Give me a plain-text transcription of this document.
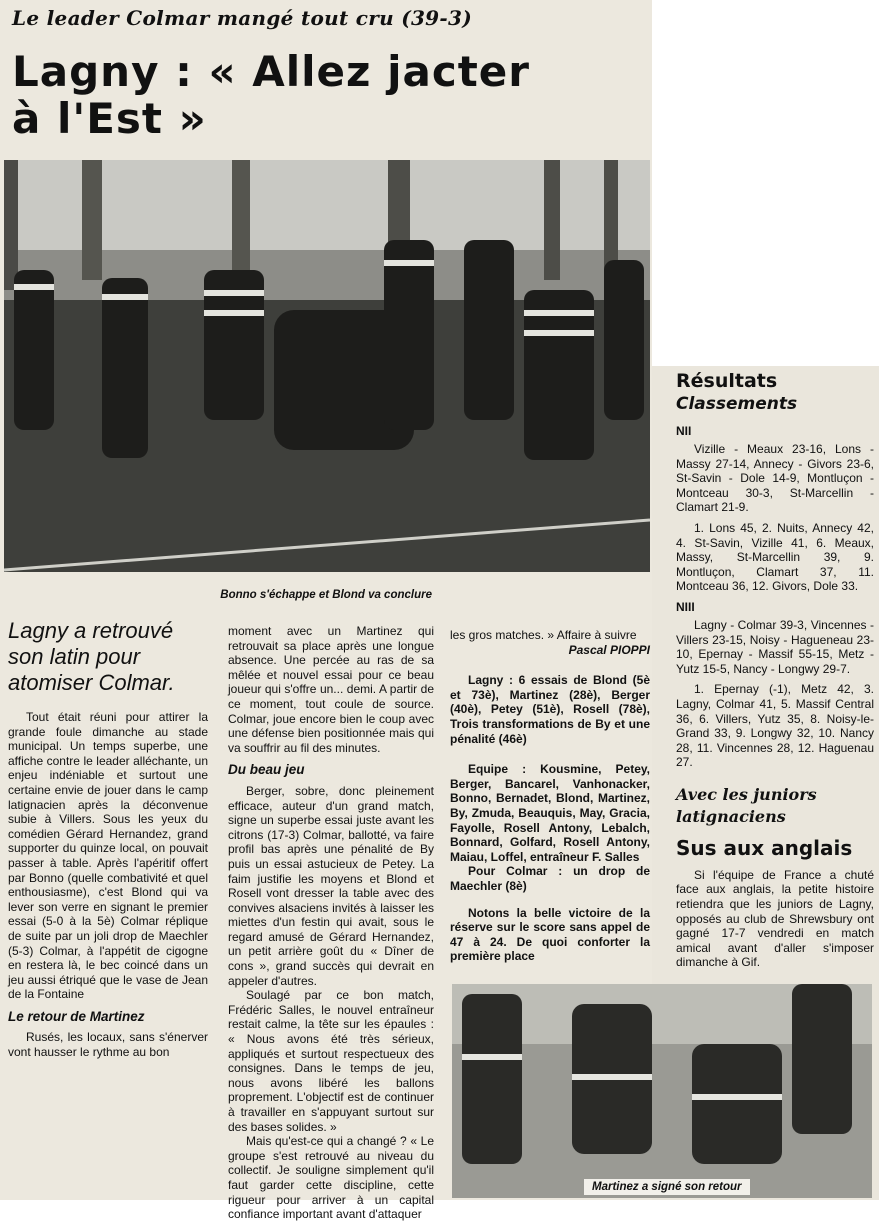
Le leader Colmar mangé tout cru (39-3)
Lagny : « Allez jacter
à l'Est »
Bonno s'échappe et Blond va conclure
Lagny a retrouvé son latin pour atomiser Colmar.

Tout était réuni pour attirer la grande foule dimanche au stade municipal. Un temps superbe, une affiche contre le leader alléchante, un enjeu indéniable et surtout une certaine envie de jouer dans le camp latignacien après la déconvenue subie à Villers. Sous les yeux du comédien Gérard Hernandez, grand supporter du quinze local, on pouvait passer à table. Après l'apéritif offert par Bonno (quelle combativité et quel enthousiasme), c'est Blond qui va lever son verre en signant le premier essai (5-0 à la 5è) Colmar réplique de suite par un joli drop de Maechler (5-3) Colmar, à l'appétit de cigogne en restera là, le bec coincé dans un jeu aussi étriqué que le vase de Jean de la Fontaine

Le retour de Martinez

Rusés, les locaux, sans s'énerver vont hausser le rythme au bon

moment avec un Martinez qui retrouvait sa place après une longue absence. Une percée au ras de sa mêlée et nouvel essai pour ce beau joueur qui s'offre un... demi. A partir de ce moment, tout coule de source. Colmar, joue encore bien le coup avec une défense bien positionnée mais qui va souffrir au fil des minutes.

Du beau jeu

Berger, sobre, donc pleinement efficace, auteur d'un grand match, signe un superbe essai juste avant les citrons (17-3) Colmar, ballotté, va faire profil bas après une pénalité de By puis un essai astucieux de Petey. La faim justifie les moyens et Blond et Rosell vont dresser la table avec des convives alsaciens invités à laisser les miettes d'un festin qui avait, sous le regard amusé de Gérard Hernandez, un petit arrière goût du « Dîner de cons », grand succès qui devrait en appeler d'autres.

Soulagé par ce bon match, Frédéric Salles, le nouvel entraîneur restait calme, la tête sur les épaules : « Nous avons été très sérieux, appliqués et surtout respectueux des consignes. Dans le temps de jeu, nous avons libéré les ballons proprement. L'objectif est de continuer à travailler en s'appuyant surtout sur des bases solides. »

Mais qu'est-ce qui a changé ? « Le groupe s'est retrouvé au niveau du collectif. Je souligne simplement qu'il faut garder cette discipline, cette rigueur pour arriver à un capital confiance important avant d'attaquer

les gros matches. » Affaire à suivre

Pascal PIOPPI

Lagny : 6 essais de Blond (5è et 73è), Martinez (28è), Berger (40è), Petey (51è), Rosell (78è), Trois transformations de By et une pénalité (46è)

Equipe : Kousmine, Petey, Berger, Bancarel, Vanhonacker, Bonno, Bernadet, Blond, Martinez, By, Zmuda, Beauquis, May, Gracia, Fayolle, Rosell Antony, Lebalch, Bonnard, Golfard, Rosell Antony, Maiau, Loffel, entraîneur F. Salles

Pour Colmar : un drop de Maechler (8è)

Notons la belle victoire de la réserve sur le score sans appel de 47 à 24. De quoi conforter la première place

Martinez a signé son retour
Résultats
Classements
NII

Vizille - Meaux 23-16, Lons - Massy 27-14, Annecy - Givors 23-6, St-Savin - Dole 14-9, Montluçon - Montceau 30-3, St-Marcellin - Clamart 21-9.

1. Lons 45, 2. Nuits, Annecy 42, 4. St-Savin, Vizille 41, 6. Meaux, Massy, St-Marcellin 39, 9. Montluçon, Clamart 37, 11. Montceau 36, 12. Givors, Dole 33.

NIII

Lagny - Colmar 39-3, Vincennes - Villers 23-15, Noisy - Hagueneau 23-10, Epernay - Massif 55-15, Metz - Yutz 15-5, Nancy - Longwy 29-7.

1. Epernay (-1), Metz 42, 3. Lagny, Colmar 41, 5. Massif Central 36, 6. Villers, Yutz 35, 8. Noisy-le-Grand 33, 9. Longwy 32, 10. Nancy 28, 11. Vincennes 28, 12. Haguenau 27.

Avec les juniors latignaciens
Sus aux anglais

Si l'équipe de France a chuté face aux anglais, la petite histoire retiendra que les juniors de Lagny, opposés au club de Shrewsbury ont gagné 17-7 vendredi en match amical avant d'aller s'imposer dimanche à Gif.
